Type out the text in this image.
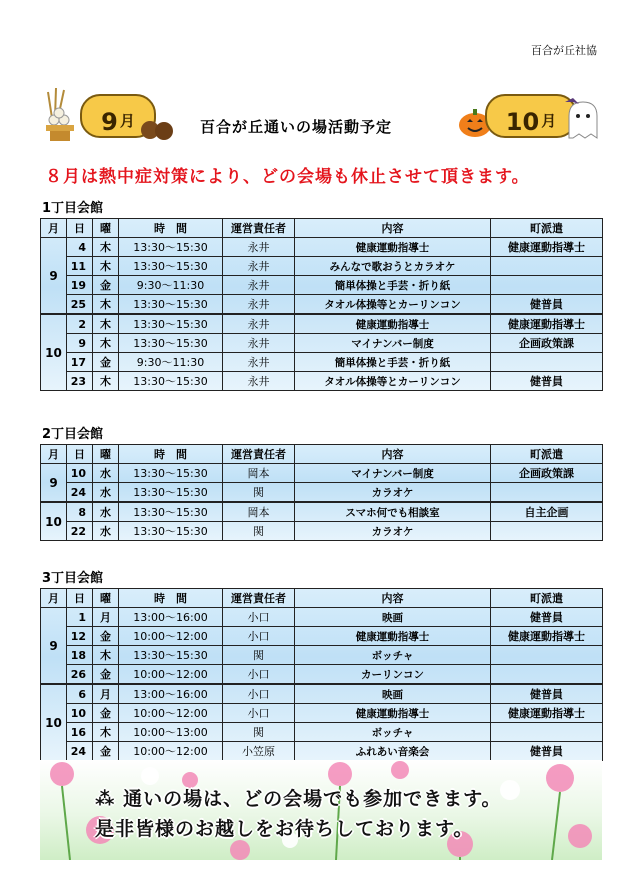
百合が丘社協
9 月	百合が丘通いの場活動予定	10 月
８月は熱中症対策により、どの会場も休止させて頂きます。
1丁目会館
月	日	曜	時　間	運営責任者	内容	町派遣
9	4	木	13:30～15:30	永井	健康運動指導士	健康運動指導士
	11	木	13:30～15:30	永井	みんなで歌おうとカラオケ	
	19	金	9:30～11:30	永井	簡単体操と手芸・折り紙	
	25	木	13:30～15:30	永井	タオル体操等とカーリンコン	健普員
10	2	木	13:30～15:30	永井	健康運動指導士	健康運動指導士
	9	木	13:30～15:30	永井	マイナンバー制度	企画政策課
	17	金	9:30～11:30	永井	簡単体操と手芸・折り紙	
	23	木	13:30～15:30	永井	タオル体操等とカーリンコン	健普員
2丁目会館
月	日	曜	時　間	運営責任者	内容	町派遣
9	10	水	13:30～15:30	岡本	マイナンバー制度	企画政策課
	24	水	13:30～15:30	関	カラオケ	
10	8	水	13:30～15:30	岡本	スマホ何でも相談室	自主企画
	22	水	13:30～15:30	関	カラオケ	
3丁目会館
月	日	曜	時　間	運営責任者	内容	町派遣
9	1	月	13:00～16:00	小口	映画	健普員
	12	金	10:00～12:00	小口	健康運動指導士	健康運動指導士
	18	木	13:30～15:30	関	ボッチャ	
	26	金	10:00～12:00	小口	カーリンコン	
10	6	月	13:00～16:00	小口	映画	健普員
	10	金	10:00～12:00	小口	健康運動指導士	健康運動指導士
	16	木	10:00～13:00	関	ボッチャ	
	24	金	10:00～12:00	小笠原	ふれあい音楽会	健普員
⁂ 通いの場は、どの会場でも参加できます。
是非皆様のお越しをお待ちしております。
